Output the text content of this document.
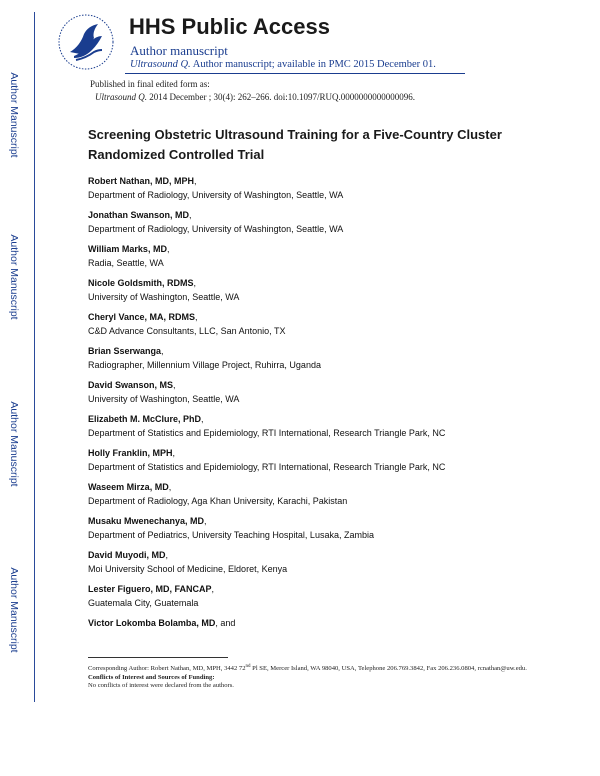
Author Manuscript
Author Manuscript
Author Manuscript
Author Manuscript
HHS Public Access
Author manuscript
Ultrasound Q. Author manuscript; available in PMC 2015 December 01.
Published in final edited form as:
Ultrasound Q. 2014 December ; 30(4): 262–266. doi:10.1097/RUQ.0000000000000096.
Screening Obstetric Ultrasound Training for a Five-Country Cluster Randomized Controlled Trial
Robert Nathan, MD, MPH,
Department of Radiology, University of Washington, Seattle, WA
Jonathan Swanson, MD,
Department of Radiology, University of Washington, Seattle, WA
William Marks, MD,
Radia, Seattle, WA
Nicole Goldsmith, RDMS,
University of Washington, Seattle, WA
Cheryl Vance, MA, RDMS,
C&D Advance Consultants, LLC, San Antonio, TX
Brian Sserwanga,
Radiographer, Millennium Village Project, Ruhirra, Uganda
David Swanson, MS,
University of Washington, Seattle, WA
Elizabeth M. McClure, PhD,
Department of Statistics and Epidemiology, RTI International, Research Triangle Park, NC
Holly Franklin, MPH,
Department of Statistics and Epidemiology, RTI International, Research Triangle Park, NC
Waseem Mirza, MD,
Department of Radiology, Aga Khan University, Karachi, Pakistan
Musaku Mwenechanya, MD,
Department of Pediatrics, University Teaching Hospital, Lusaka, Zambia
David Muyodi, MD,
Moi University School of Medicine, Eldoret, Kenya
Lester Figuero, MD, FANCAP,
Guatemala City, Guatemala
Victor Lokomba Bolamba, MD, and
Corresponding Author: Robert Nathan, MD, MPH, 3442 72nd Pl SE, Mercer Island, WA 98040, USA, Telephone 206.769.3842, Fax 206.236.0804, rcnathan@uw.edu.
Conflicts of Interest and Sources of Funding:
No conflicts of interest were declared from the authors.
